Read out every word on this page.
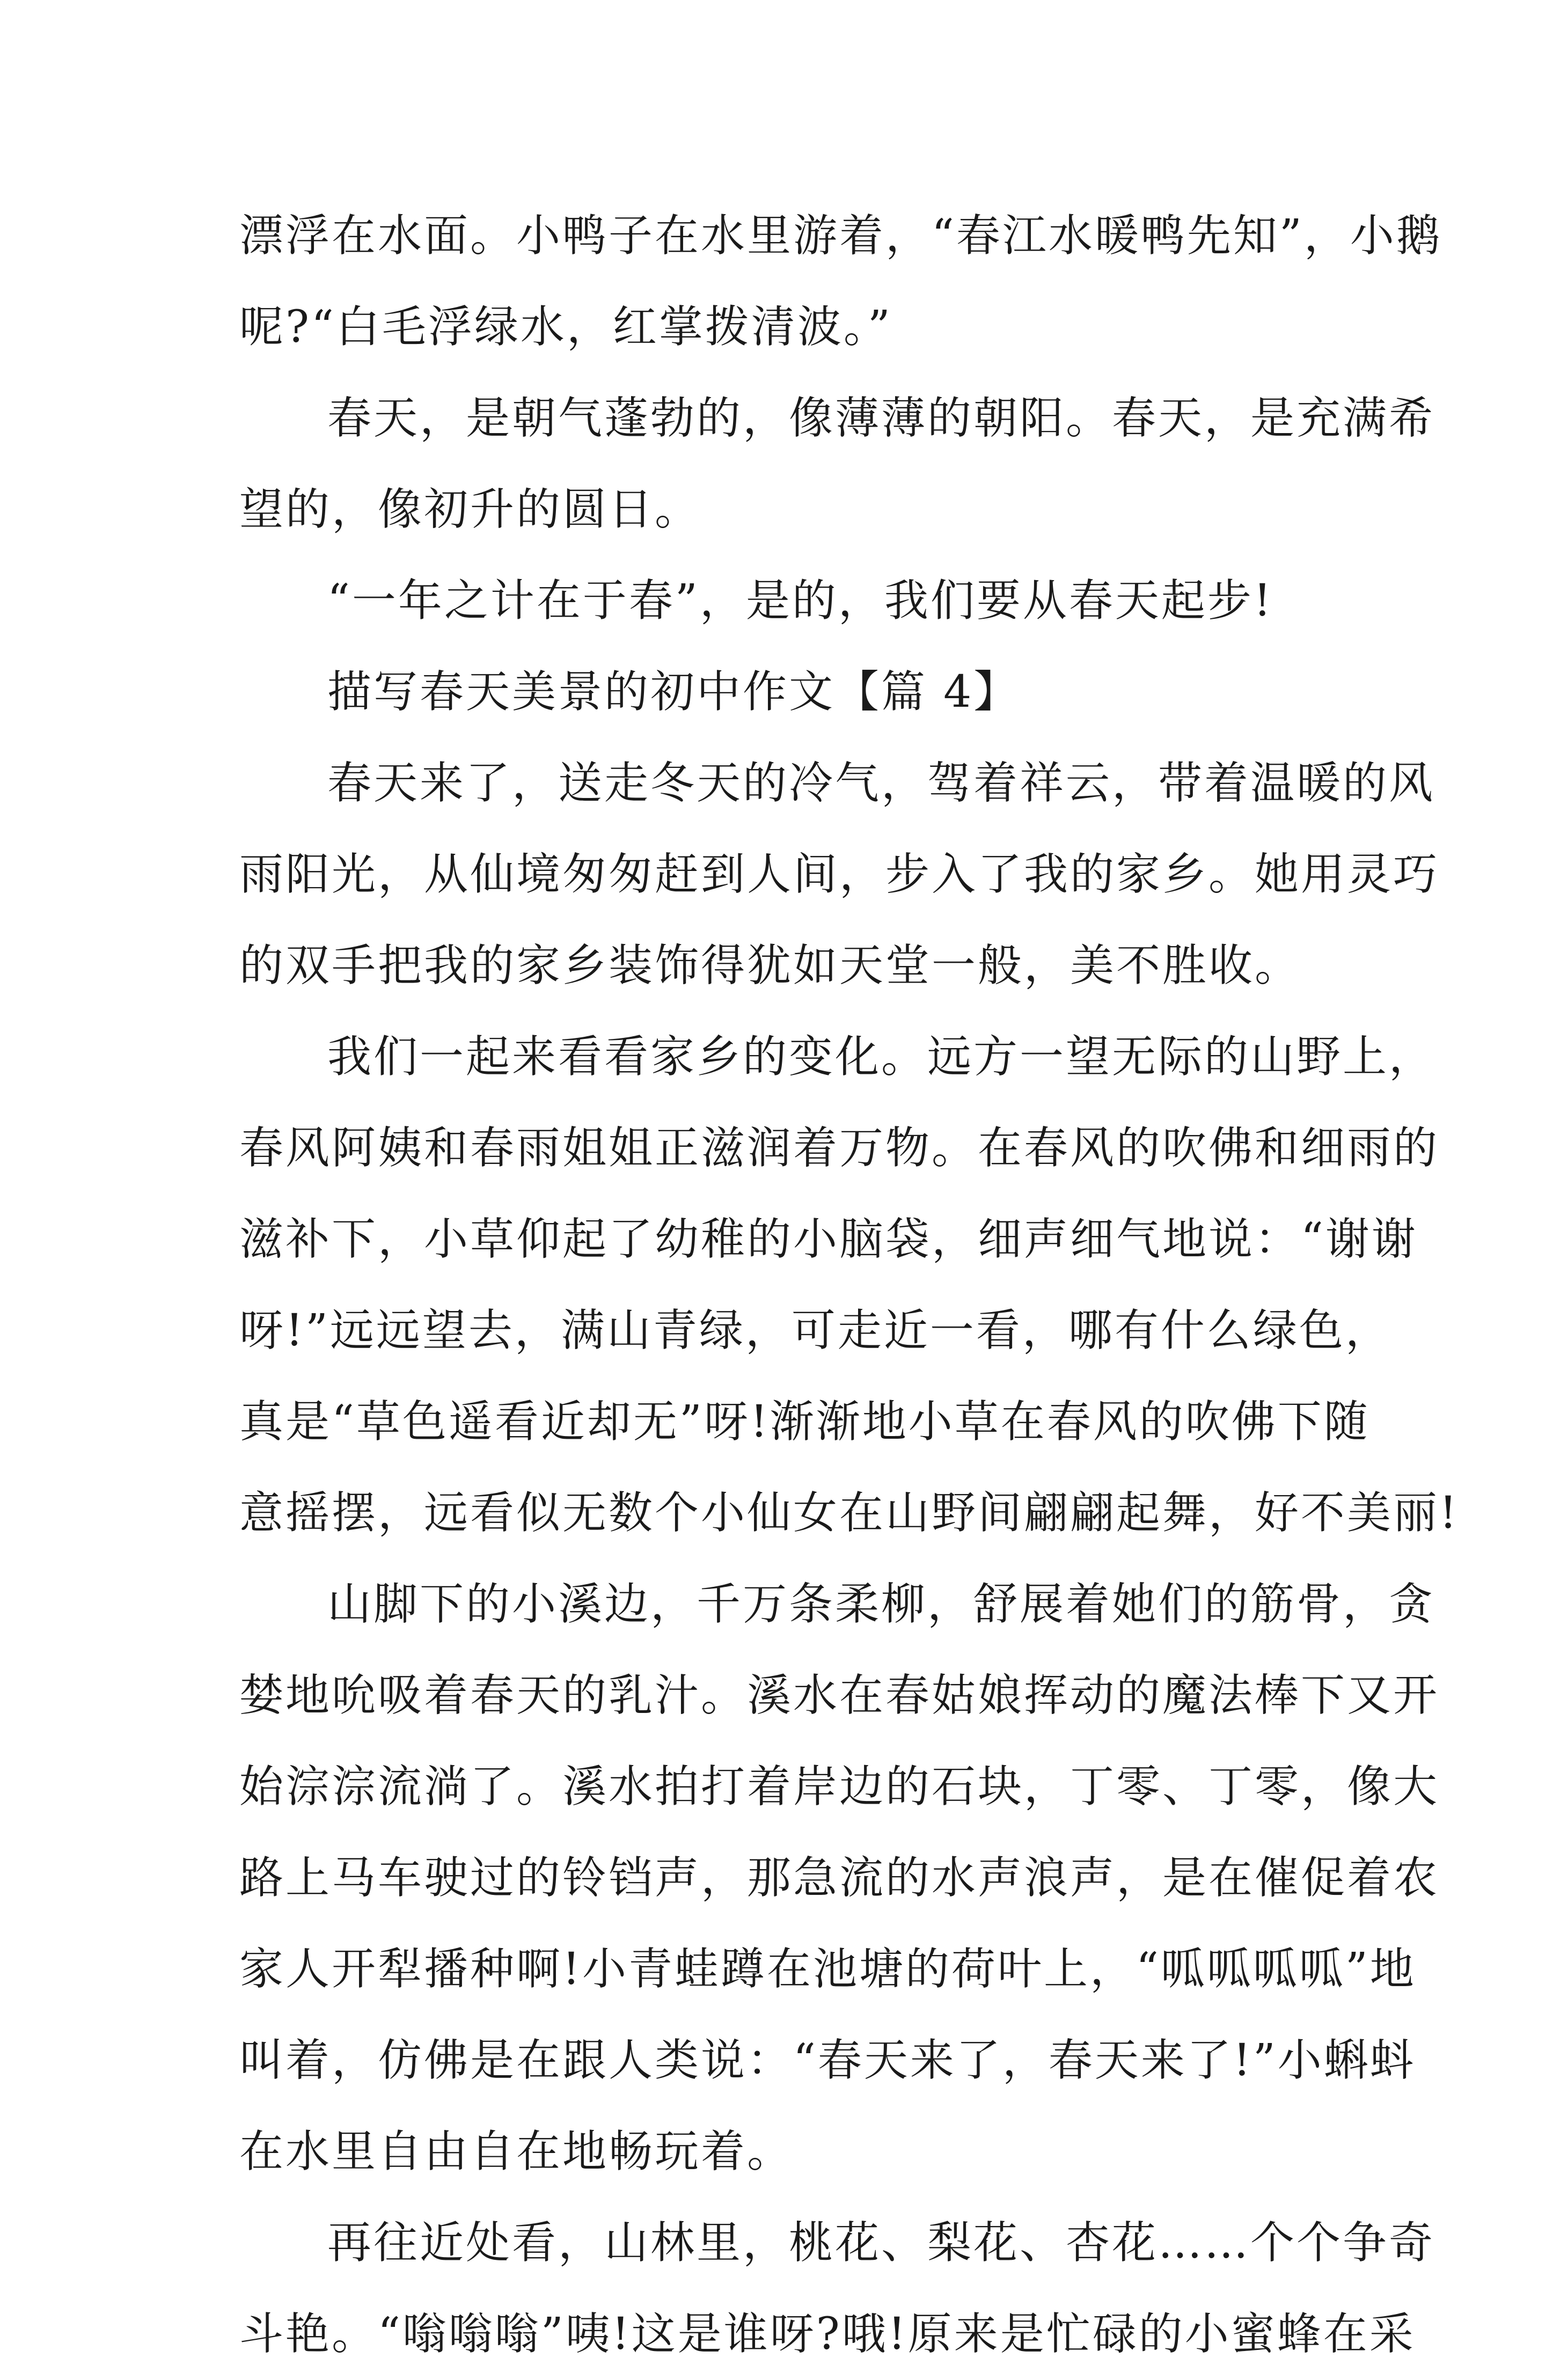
漂浮在水面。小鸭子在水里游着，“春江水暖鸭先知”，小鹅
呢?“白毛浮绿水，红掌拨清波。”
春天，是朝气蓬勃的，像薄薄的朝阳。春天，是充满希
望的，像初升的圆日。
“一年之计在于春”，是的，我们要从春天起步!
描写春天美景的初中作文【篇 4】
春天来了，送走冬天的冷气，驾着祥云，带着温暖的风
雨阳光，从仙境匆匆赶到人间，步入了我的家乡。她用灵巧
的双手把我的家乡装饰得犹如天堂一般，美不胜收。
我们一起来看看家乡的变化。远方一望无际的山野上，
春风阿姨和春雨姐姐正滋润着万物。在春风的吹佛和细雨的
滋补下，小草仰起了幼稚的小脑袋，细声细气地说：“谢谢
呀!”远远望去，满山青绿，可走近一看，哪有什么绿色，
真是“草色遥看近却无”呀!渐渐地小草在春风的吹佛下随
意摇摆，远看似无数个小仙女在山野间翩翩起舞，好不美丽!
山脚下的小溪边，千万条柔柳，舒展着她们的筋骨，贪
婪地吮吸着春天的乳汁。溪水在春姑娘挥动的魔法棒下又开
始淙淙流淌了。溪水拍打着岸边的石块，丁零、丁零，像大
路上马车驶过的铃铛声，那急流的水声浪声，是在催促着农
家人开犁播种啊!小青蛙蹲在池塘的荷叶上，“呱呱呱呱”地
叫着，仿佛是在跟人类说：“春天来了，春天来了!”小蝌蚪
在水里自由自在地畅玩着。
再往近处看，山林里，桃花、梨花、杏花……个个争奇
斗艳。“嗡嗡嗡”咦!这是谁呀?哦!原来是忙碌的小蜜蜂在采
